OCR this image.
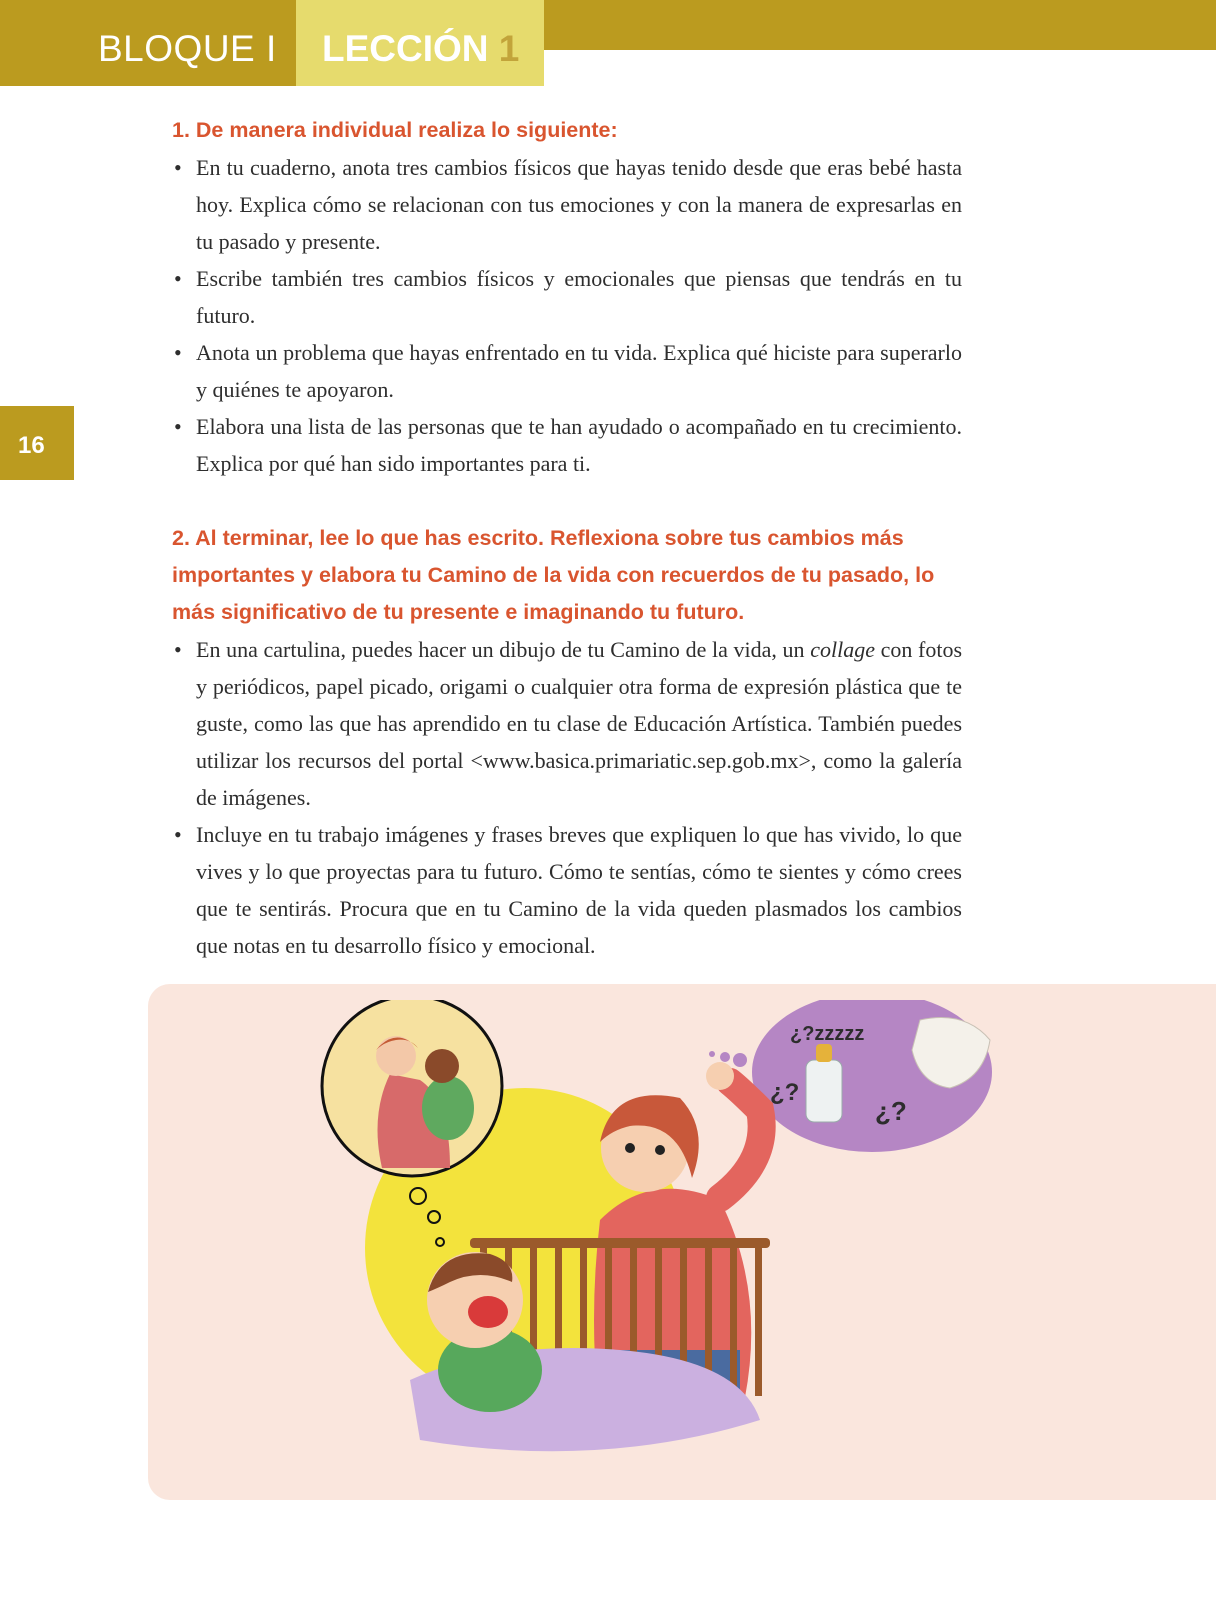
BLOQUE I LECCIÓN 1
16

1. De manera individual realiza lo siguiente:

• En tu cuaderno, anota tres cambios físicos que hayas tenido desde que eras bebé hasta hoy. Explica cómo se relacionan con tus emociones y con la manera de expresarlas en tu pasado y presente.
• Escribe también tres cambios físicos y emocionales que piensas que tendrás en tu futuro.
• Anota un problema que hayas enfrentado en tu vida. Explica qué hiciste para superarlo y quiénes te apoyaron.
• Elabora una lista de las personas que te han ayudado o acompañado en tu crecimiento. Explica por qué han sido importantes para ti.

2. Al terminar, lee lo que has escrito. Reflexiona sobre tus cambios más importantes y elabora tu Camino de la vida con recuerdos de tu pasado, lo más significativo de tu presente e imaginando tu futuro.

• En una cartulina, puedes hacer un dibujo de tu Camino de la vida, un collage con fotos y periódicos, papel picado, origami o cualquier otra forma de expresión plástica que te guste, como las que has aprendido en tu clase de Educación Artística. También puedes utilizar los recursos del portal <www.basica.primariatic.sep.gob.mx>, como la galería de imágenes.
• Incluye en tu trabajo imágenes y frases breves que expliquen lo que has vivido, lo que vives y lo que proyectas para tu futuro. Cómo te sentías, cómo te sientes y cómo crees que te sentirás. Procura que en tu Camino de la vida queden plasmados los cambios que notas en tu desarrollo físico y emocional.
¿?zzzzz
¿?
¿?
